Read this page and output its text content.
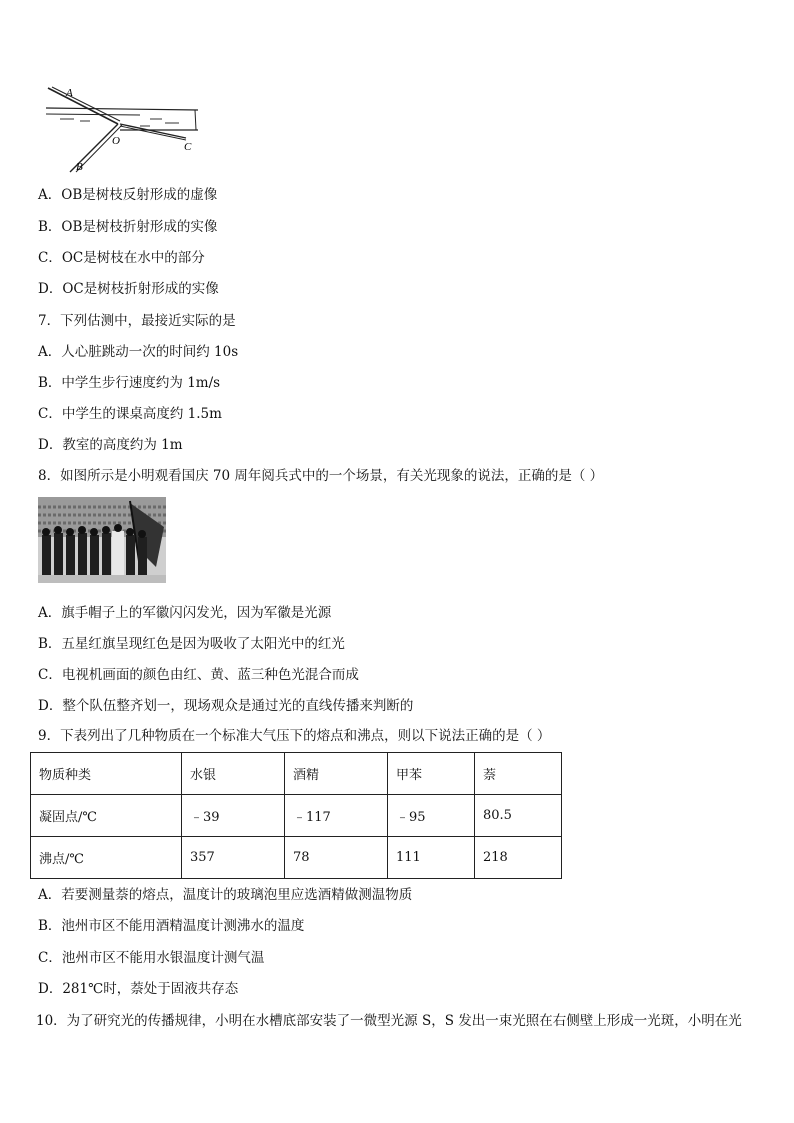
A
B
O	C
A．OB是树枝反射形成的虚像
B．OB是树枝折射形成的实像
C．OC是树枝在水中的部分
D．OC是树枝折射形成的实像
7．下列估测中，最接近实际的是
A．人心脏跳动一次的时间约 10s
B．中学生步行速度约为 1m/s
C．中学生的课桌高度约 1.5m
D．教室的高度约为 1m
8．如图所示是小明观看国庆 70 周年阅兵式中的一个场景，有关光现象的说法，正确的是（ ）
A．旗手帽子上的军徽闪闪发光，因为军徽是光源
B．五星红旗呈现红色是因为吸收了太阳光中的红光
C．电视机画面的颜色由红、黄、蓝三种色光混合而成
D．整个队伍整齐划一，现场观众是通过光的直线传播来判断的
9．下表列出了几种物质在一个标准大气压下的熔点和沸点，则以下说法正确的是（ ）
物质种类	水银	酒精	甲苯	萘
凝固点/℃	﹣39	﹣117	﹣95	80.5
沸点/℃	357	78	111	218
A．若要测量萘的熔点，温度计的玻璃泡里应选酒精做测温物质
B．池州市区不能用酒精温度计测沸水的温度
C．池州市区不能用水银温度计测气温
D．281℃时，萘处于固液共存态
10．为了研究光的传播规律，小明在水槽底部安装了一微型光源 S，S 发出一束光照在右侧壁上形成一光斑，小明在光
